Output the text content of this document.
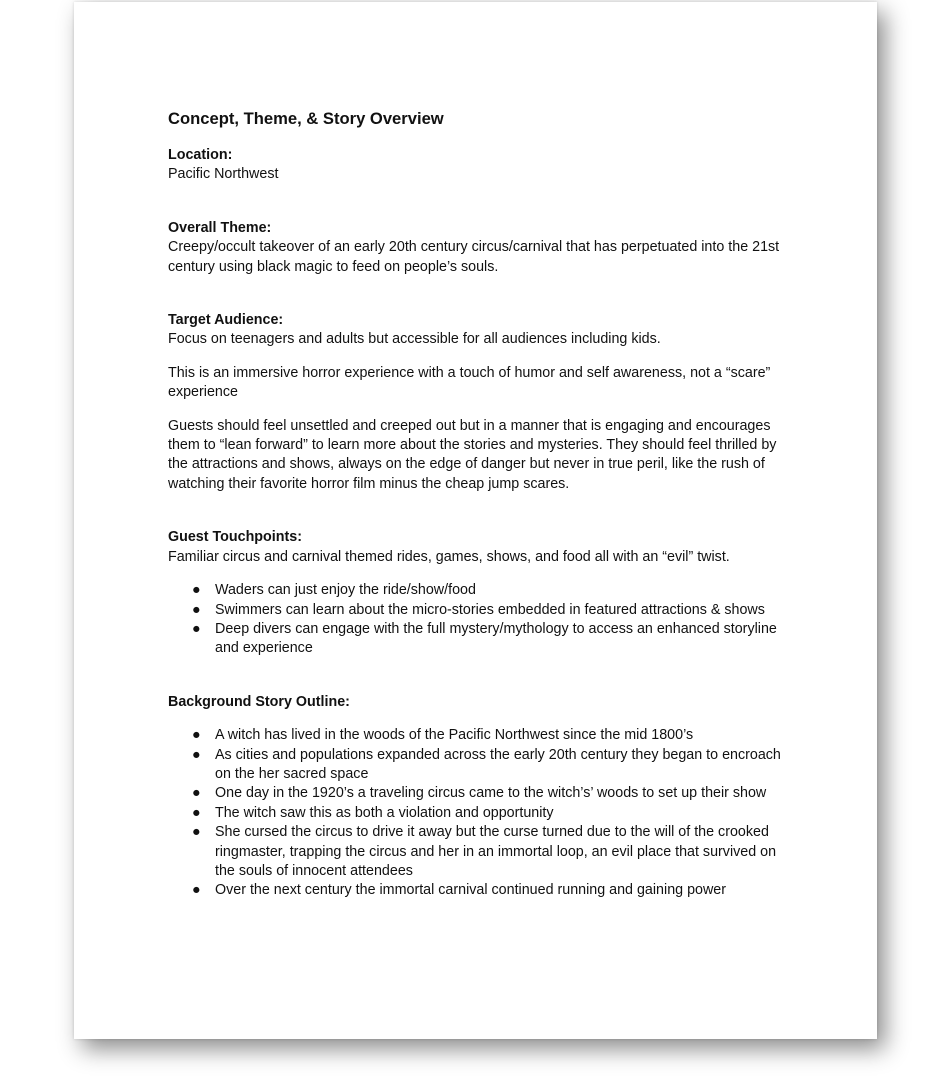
Concept, Theme, & Story Overview

Location:

Pacific Northwest

Overall Theme:

Creepy/occult takeover of an early 20th century circus/carnival that has perpetuated into the 21st century using black magic to feed on people’s souls.

Target Audience:

Focus on teenagers and adults but accessible for all audiences including kids.

This is an immersive horror experience with a touch of humor and self awareness, not a “scare” experience

Guests should feel unsettled and creeped out but in a manner that is engaging and encourages them to “lean forward” to learn more about the stories and mysteries. They should feel thrilled by the attractions and shows, always on the edge of danger but never in true peril, like the rush of watching their favorite horror film minus the cheap jump scares.

Guest Touchpoints:

Familiar circus and carnival themed rides, games, shows, and food all with an “evil” twist.

● Waders can just enjoy the ride/show/food
● Swimmers can learn about the micro-stories embedded in featured attractions & shows
● Deep divers can engage with the full mystery/mythology to access an enhanced storyline and experience

Background Story Outline:

● A witch has lived in the woods of the Pacific Northwest since the mid 1800’s
● As cities and populations expanded across the early 20th century they began to encroach on the her sacred space
● One day in the 1920’s a traveling circus came to the witch’s’ woods to set up their show
● The witch saw this as both a violation and opportunity
● She cursed the circus to drive it away but the curse turned due to the will of the crooked ringmaster, trapping the circus and her in an immortal loop, an evil place that survived on the souls of innocent attendees
● Over the next century the immortal carnival continued running and gaining power
